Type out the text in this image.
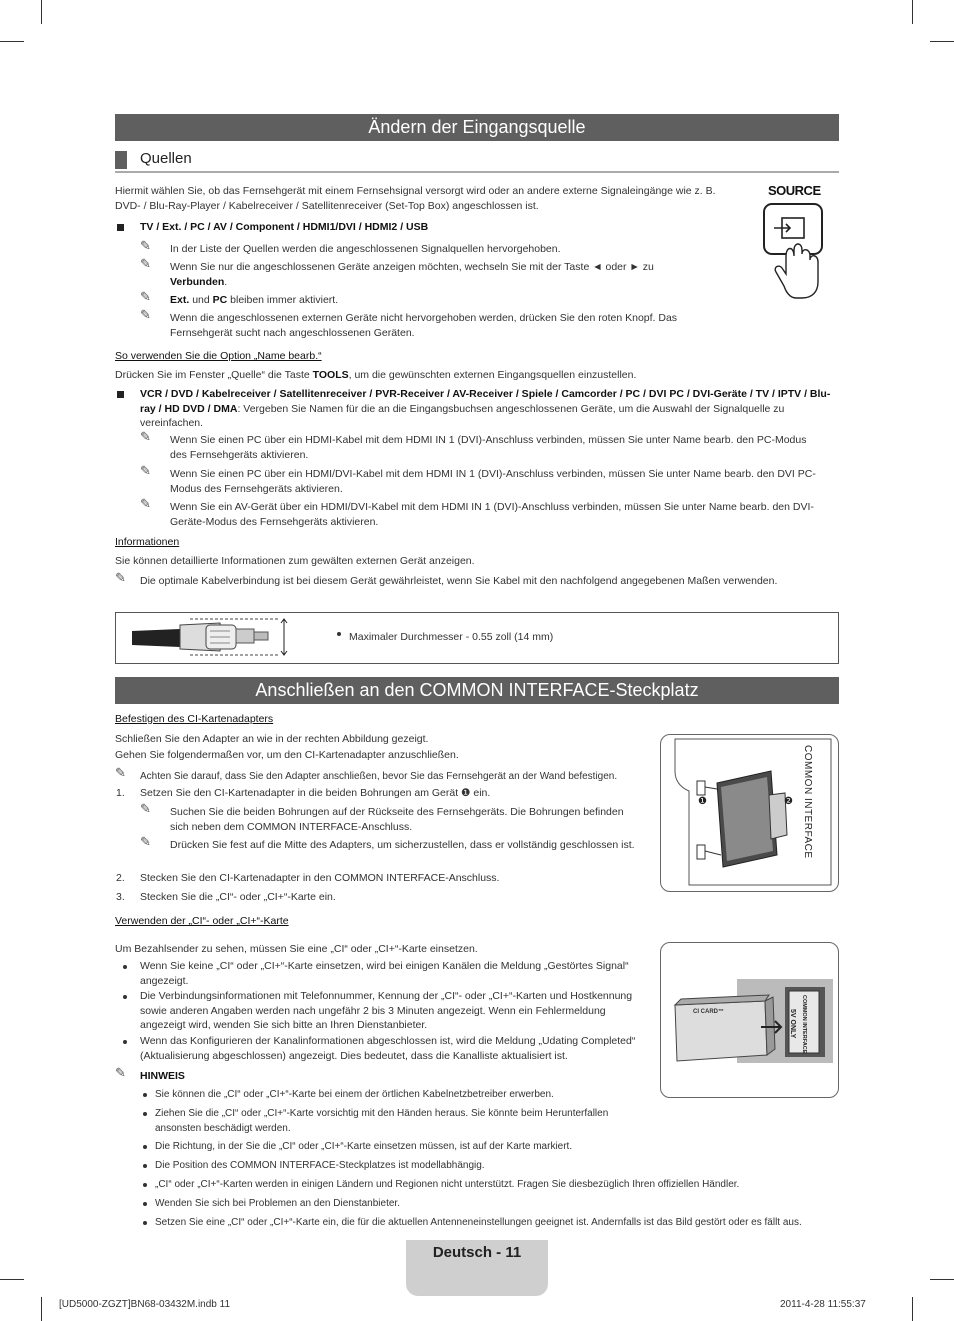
Ändern der Eingangsquelle
Quellen
Hiermit wählen Sie, ob das Fernsehgerät mit einem Fernsehsignal versorgt wird oder an andere externe Signaleingänge wie z. B. DVD- / Blu-Ray-Player / Kabelreceiver / Satellitenreceiver (Set-Top Box) angeschlossen ist.
SOURCE
TV / Ext. / PC / AV / Component / HDMI1/DVI / HDMI2 / USB
✎ In der Liste der Quellen werden die angeschlossenen Signalquellen hervorgehoben.
✎ Wenn Sie nur die angeschlossenen Geräte anzeigen möchten, wechseln Sie mit der Taste ◄ oder ► zu
Verbunden.
✎ Ext. und PC bleiben immer aktiviert.
✎ Wenn die angeschlossenen externen Geräte nicht hervorgehoben werden, drücken Sie den roten Knopf. Das Fernsehgerät sucht nach angeschlossenen Geräten.
So verwenden Sie die Option „Name bearb.“
Drücken Sie im Fenster „Quelle“ die Taste TOOLS, um die gewünschten externen Eingangsquellen einzustellen.
VCR / DVD / Kabelreceiver / Satellitenreceiver / PVR-Receiver / AV-Receiver / Spiele / Camcorder / PC / DVI PC / DVI-Geräte / TV / IPTV / Blu-ray / HD DVD / DMA: Vergeben Sie Namen für die an die Eingangsbuchsen angeschlossenen Geräte, um die Auswahl der Signalquelle zu vereinfachen.
✎ Wenn Sie einen PC über ein HDMI-Kabel mit dem HDMI IN 1 (DVI)-Anschluss verbinden, müssen Sie unter Name bearb. den PC-Modus des Fernsehgeräts aktivieren.
✎ Wenn Sie einen PC über ein HDMI/DVI-Kabel mit dem HDMI IN 1 (DVI)-Anschluss verbinden, müssen Sie unter Name bearb. den DVI PC-Modus des Fernsehgeräts aktivieren.
✎ Wenn Sie ein AV-Gerät über ein HDMI/DVI-Kabel mit dem HDMI IN 1 (DVI)-Anschluss verbinden, müssen Sie unter Name bearb. den DVI-Geräte-Modus des Fernsehgeräts aktivieren.
Informationen
Sie können detaillierte Informationen zum gewälten externen Gerät anzeigen.
✎ Die optimale Kabelverbindung ist bei diesem Gerät gewährleistet, wenn Sie Kabel mit den nachfolgend angegebenen Maßen verwenden.
Maximaler Durchmesser - 0.55 zoll (14 mm)
Anschließen an den COMMON INTERFACE-Steckplatz
Befestigen des CI-Kartenadapters
Schließen Sie den Adapter an wie in der rechten Abbildung gezeigt.
Gehen Sie folgendermaßen vor, um den CI-Kartenadapter anzuschließen.
✎ Achten Sie darauf, dass Sie den Adapter anschließen, bevor Sie das Fernsehgerät an der Wand befestigen.
1. Setzen Sie den CI-Kartenadapter in die beiden Bohrungen am Gerät ❶ ein.
✎ Suchen Sie die beiden Bohrungen auf der Rückseite des Fernsehgeräts. Die Bohrungen befinden sich neben dem COMMON INTERFACE-Anschluss.
✎ Drücken Sie fest auf die Mitte des Adapters, um sicherzustellen, dass er vollständig geschlossen ist.
2. Stecken Sie den CI-Kartenadapter in den COMMON INTERFACE-Anschluss.
3. Stecken Sie die „CI“- oder „CI+“-Karte ein.
❶	❷ COMMON INTERFACE
Verwenden der „CI“- oder „CI+“-Karte
Um Bezahlsender zu sehen, müssen Sie eine „CI“ oder „CI+“-Karte einsetzen.
Wenn Sie keine „CI“ oder „CI+“-Karte einsetzen, wird bei einigen Kanälen die Meldung „Gestörtes Signal“ angezeigt.
Die Verbindungsinformationen mit Telefonnummer, Kennung der „CI“- oder „CI+“-Karten und Hostkennung sowie anderen Angaben werden nach ungefähr 2 bis 3 Minuten angezeigt. Wenn ein Fehlermeldung angezeigt wird, wenden Sie sich bitte an Ihren Dienstanbieter.
Wenn das Konfigurieren der Kanalinformationen abgeschlossen ist, wird die Meldung „Udating Completed“ (Aktualisierung abgeschlossen) angezeigt. Dies bedeutet, dass die Kanalliste aktualisiert ist.
CI CARD™	COMMON INTERFACE
5V ONLY
✎ HINWEIS
Sie können die „CI“ oder „CI+“-Karte bei einem der örtlichen Kabelnetzbetreiber erwerben.
Ziehen Sie die „CI“ oder „CI+“-Karte vorsichtig mit den Händen heraus. Sie könnte beim Herunterfallen ansonsten beschädigt werden.
Die Richtung, in der Sie die „CI“ oder „CI+“-Karte einsetzen müssen, ist auf der Karte markiert.
Die Position des COMMON INTERFACE-Steckplatzes ist modellabhängig.
„CI“ oder „CI+“-Karten werden in einigen Ländern und Regionen nicht unterstützt. Fragen Sie diesbezüglich Ihren offiziellen Händler.
Wenden Sie sich bei Problemen an den Dienstanbieter.
Setzen Sie eine „CI“ oder „CI+“-Karte ein, die für die aktuellen Antenneneinstellungen geeignet ist. Andernfalls ist das Bild gestört oder es fällt aus.
Deutsch - 11
[UD5000-ZGZT]BN68-03432M.indb 11	2011-4-28 11:55:37
